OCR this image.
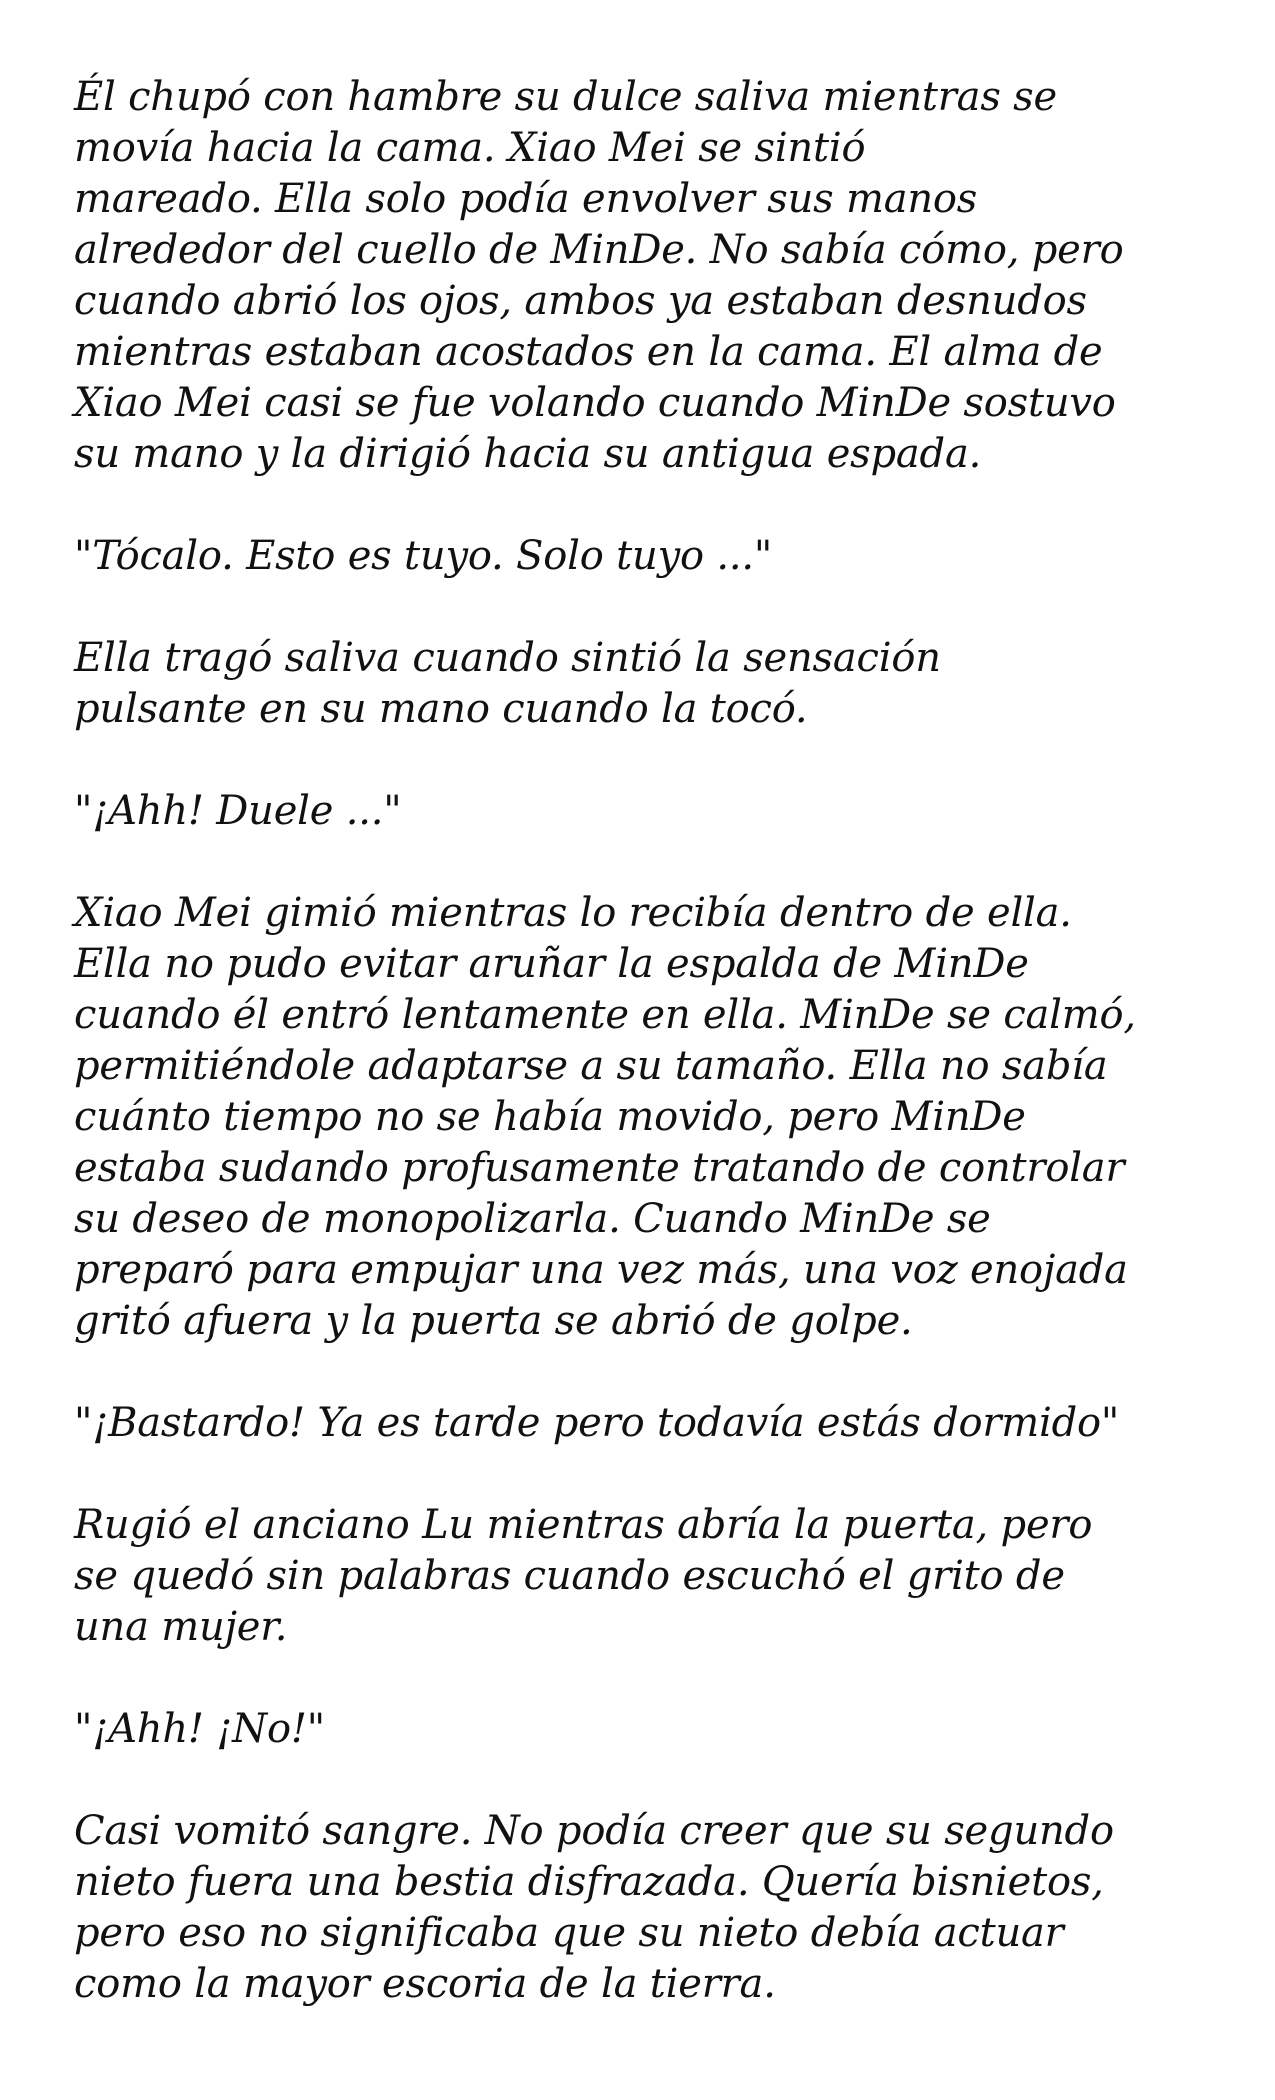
Él chupó con hambre su dulce saliva mientras se
movía hacia la cama. Xiao Mei se sintió
mareado. Ella solo podía envolver sus manos
alrededor del cuello de MinDe. No sabía cómo, pero
cuando abrió los ojos, ambos ya estaban desnudos
mientras estaban acostados en la cama. El alma de
Xiao Mei casi se fue volando cuando MinDe sostuvo
su mano y la dirigió hacia su antigua espada.

"Tócalo. Esto es tuyo. Solo tuyo ..."

Ella tragó saliva cuando sintió la sensación
pulsante en su mano cuando la tocó.

"¡Ahh! Duele ..."

Xiao Mei gimió mientras lo recibía dentro de ella.
Ella no pudo evitar aruñar la espalda de MinDe
cuando él entró lentamente en ella. MinDe se calmó,
permitiéndole adaptarse a su tamaño. Ella no sabía
cuánto tiempo no se había movido, pero MinDe
estaba sudando profusamente tratando de controlar
su deseo de monopolizarla. Cuando MinDe se
preparó para empujar una vez más, una voz enojada
gritó afuera y la puerta se abrió de golpe.

"¡Bastardo! Ya es tarde pero todavía estás dormido"

Rugió el anciano Lu mientras abría la puerta, pero
se quedó sin palabras cuando escuchó el grito de
una mujer.

"¡Ahh! ¡No!"

Casi vomitó sangre. No podía creer que su segundo
nieto fuera una bestia disfrazada. Quería bisnietos,
pero eso no significaba que su nieto debía actuar
como la mayor escoria de la tierra.
